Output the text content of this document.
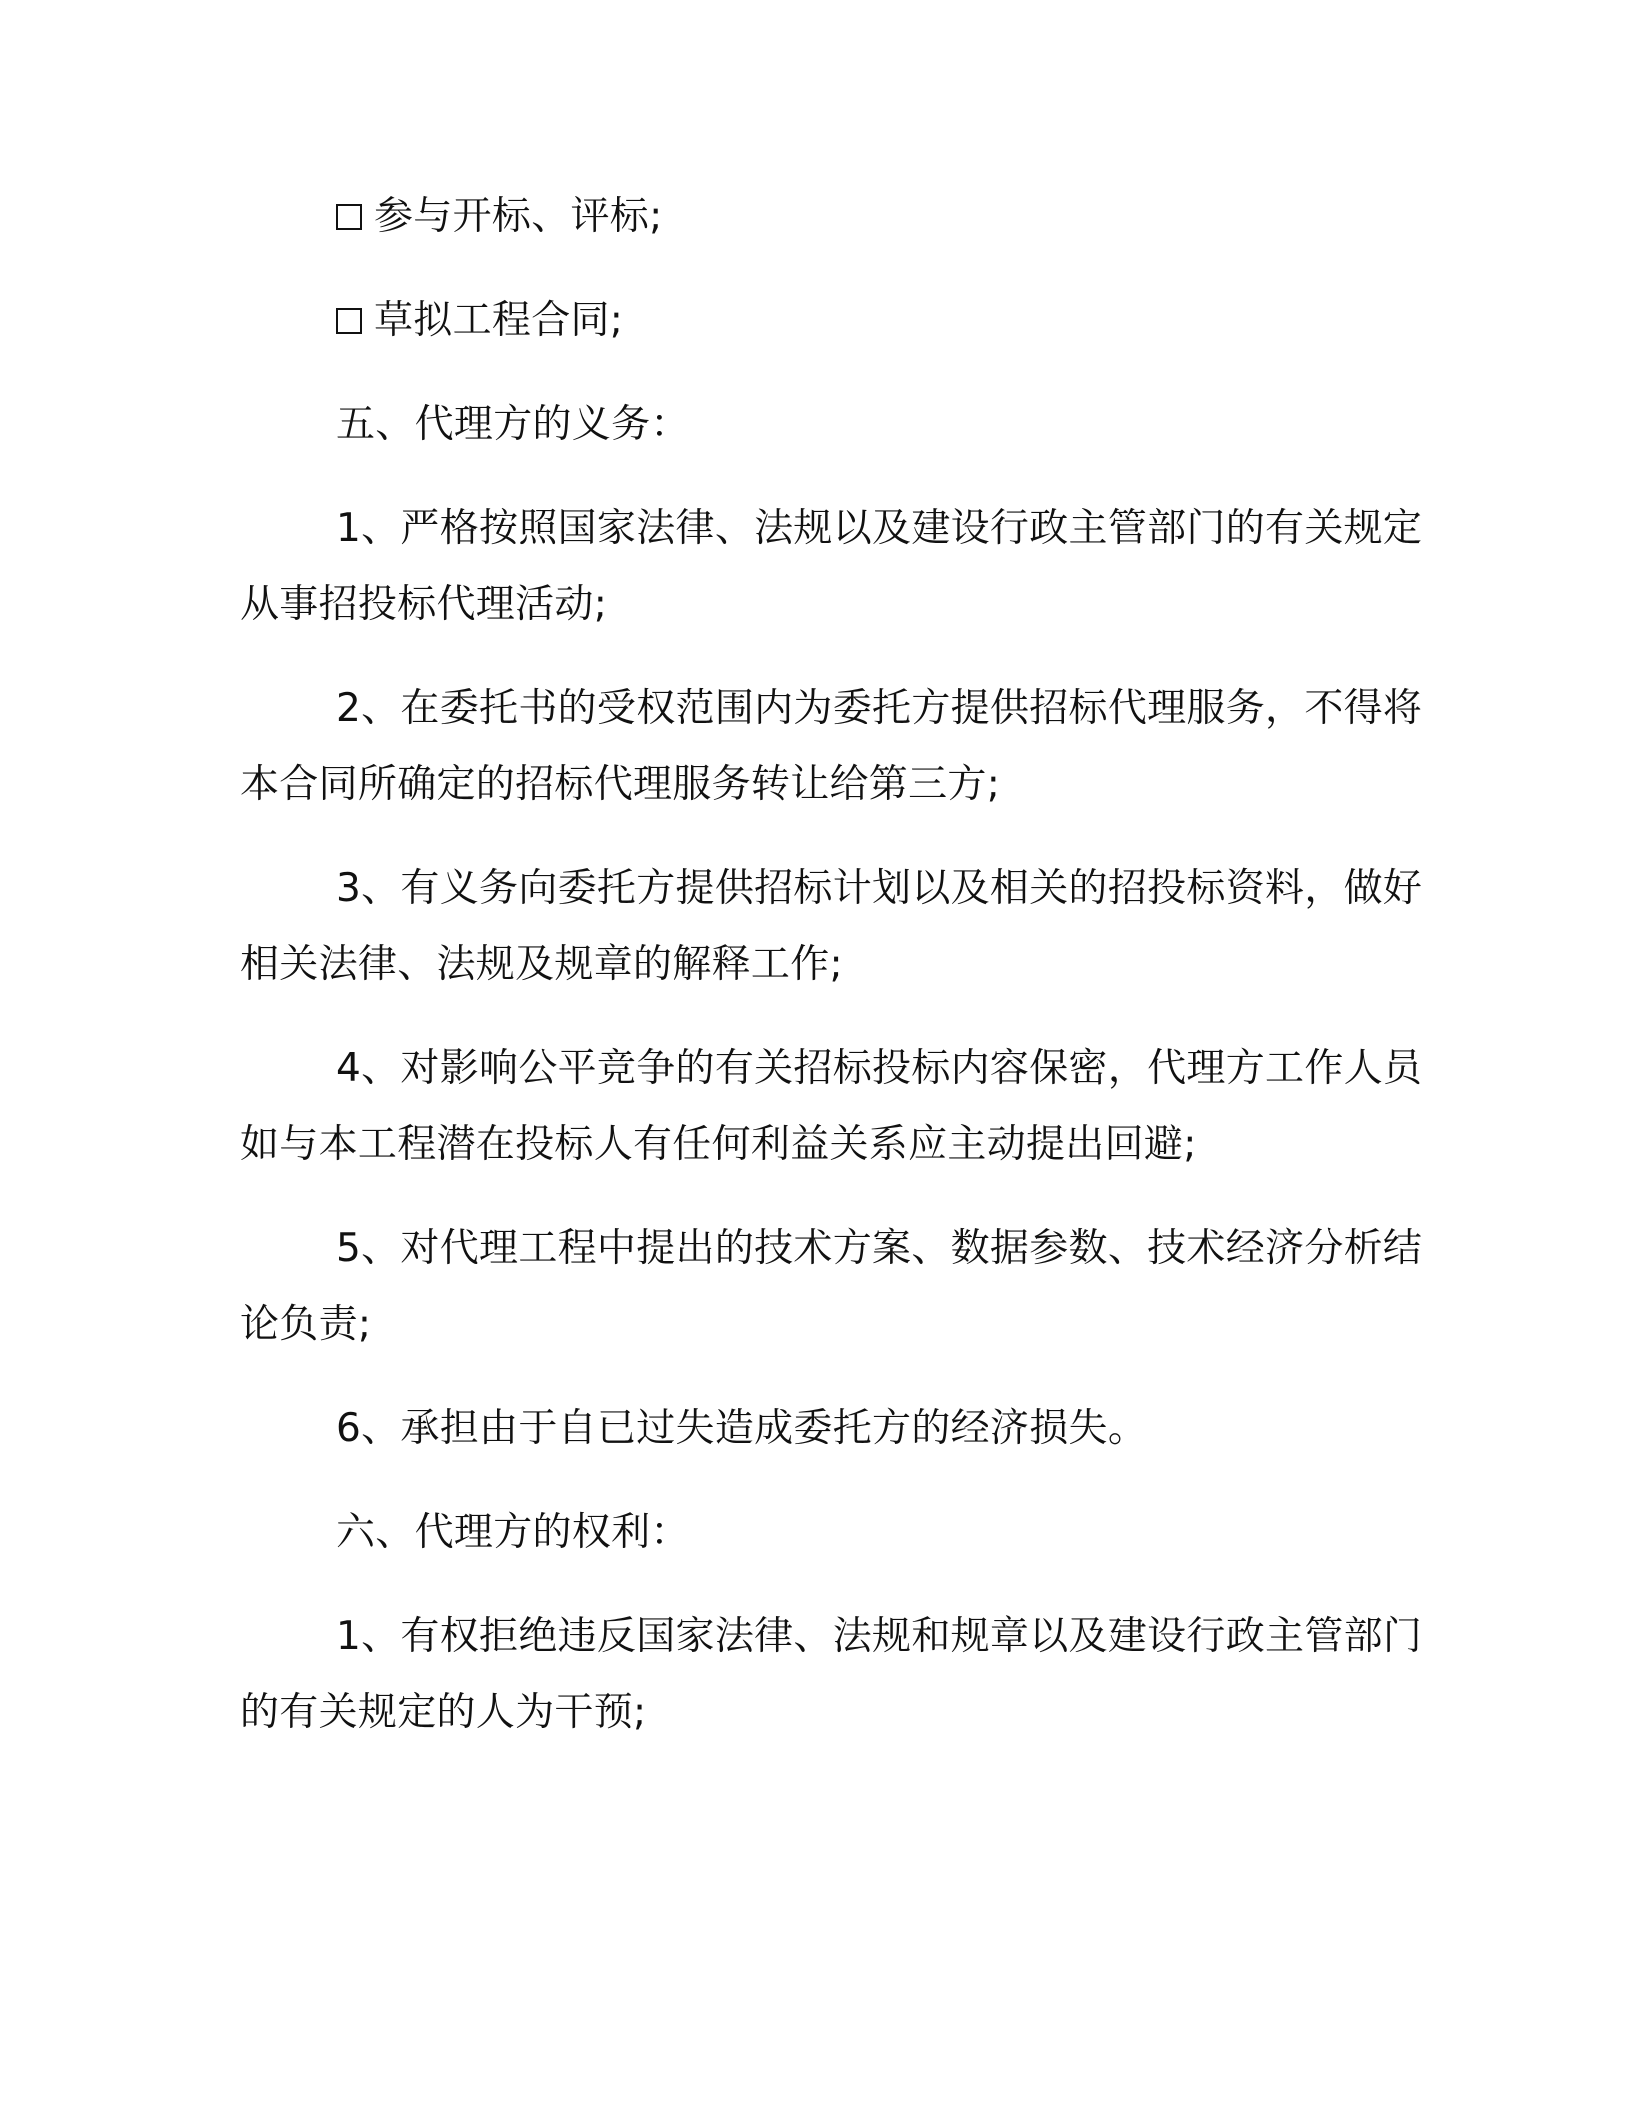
参与开标、评标;
草拟工程合同;
五、代理方的义务：
1、严格按照国家法律、法规以及建设行政主管部门的有关规定
从事招投标代理活动;
2、在委托书的受权范围内为委托方提供招标代理服务，不得将
本合同所确定的招标代理服务转让给第三方;
3、有义务向委托方提供招标计划以及相关的招投标资料，做好
相关法律、法规及规章的解释工作;
4、对影响公平竞争的有关招标投标内容保密，代理方工作人员
如与本工程潜在投标人有任何利益关系应主动提出回避;
5、对代理工程中提出的技术方案、数据参数、技术经济分析结
论负责;
6、承担由于自已过失造成委托方的经济损失。
六、代理方的权利：
1、有权拒绝违反国家法律、法规和规章以及建设行政主管部门
的有关规定的人为干预;
